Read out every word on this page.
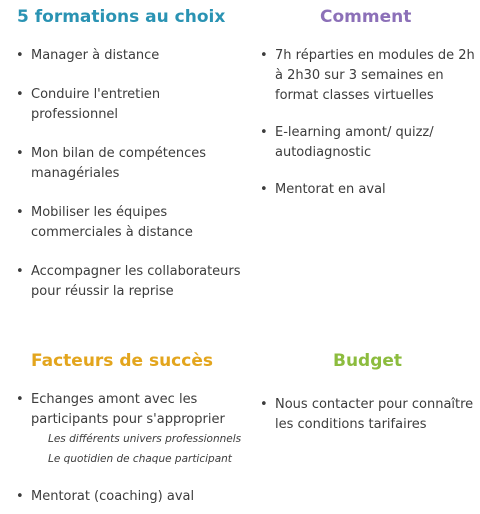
5 formations au choix
• Manager à distance
• Conduire l'entretien
professionnel
• Mon bilan de compétences
managériales
• Mobiliser les équipes
commerciales à distance
• Accompagner les collaborateurs
pour réussir la reprise
Comment
• 7h réparties en modules de 2h
à 2h30 sur 3 semaines en
format classes virtuelles
• E-learning amont/ quizz/
autodiagnostic
• Mentorat en aval
Facteurs de succès
• Echanges amont avec les
participants pour s'approprier
• Mentorat (coaching) aval
Les différents univers professionnels
Le quotidien de chaque participant
Budget
• Nous contacter pour connaître
les conditions tarifaires
